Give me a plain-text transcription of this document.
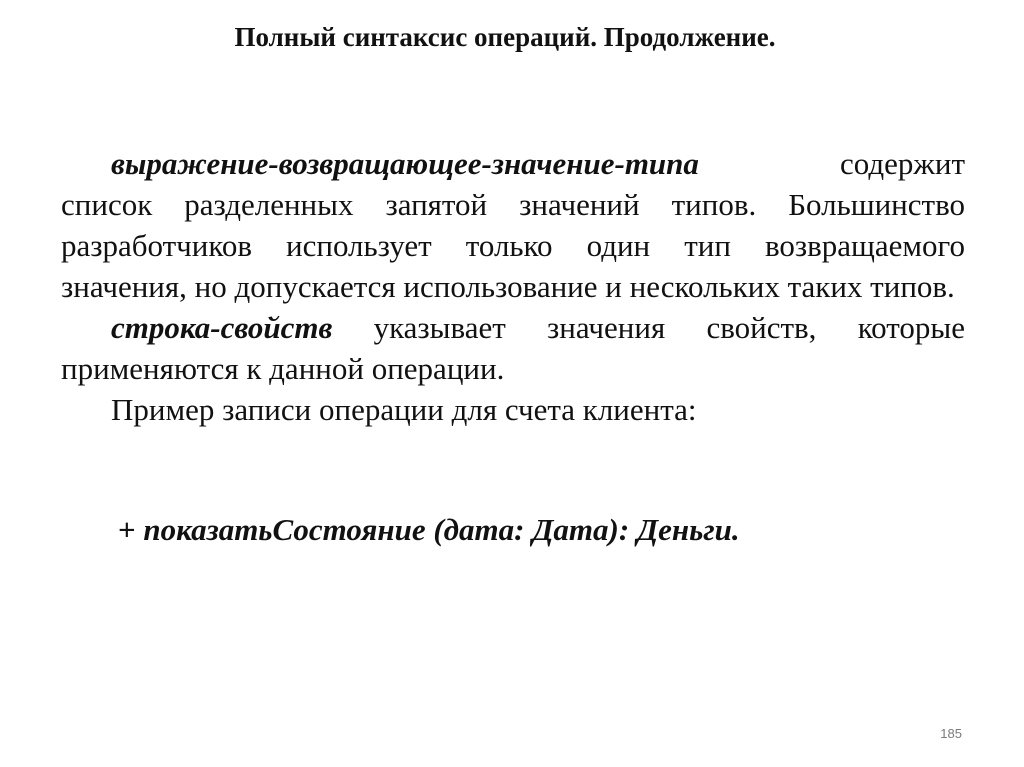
Полный синтаксис операций. Продолжение.

выражение-возвращающее-значение-типа	содержит список разделенных запятой значений типов. Большинство разработчиков использует только один тип возвращаемого значения, но допускается использование и нескольких таких типов.

строка-свойств указывает значения свойств, которые применяются к данной операции.

Пример записи операции для счета клиента:

+ показатьСостояние (дата: Дата): Деньги.
185
